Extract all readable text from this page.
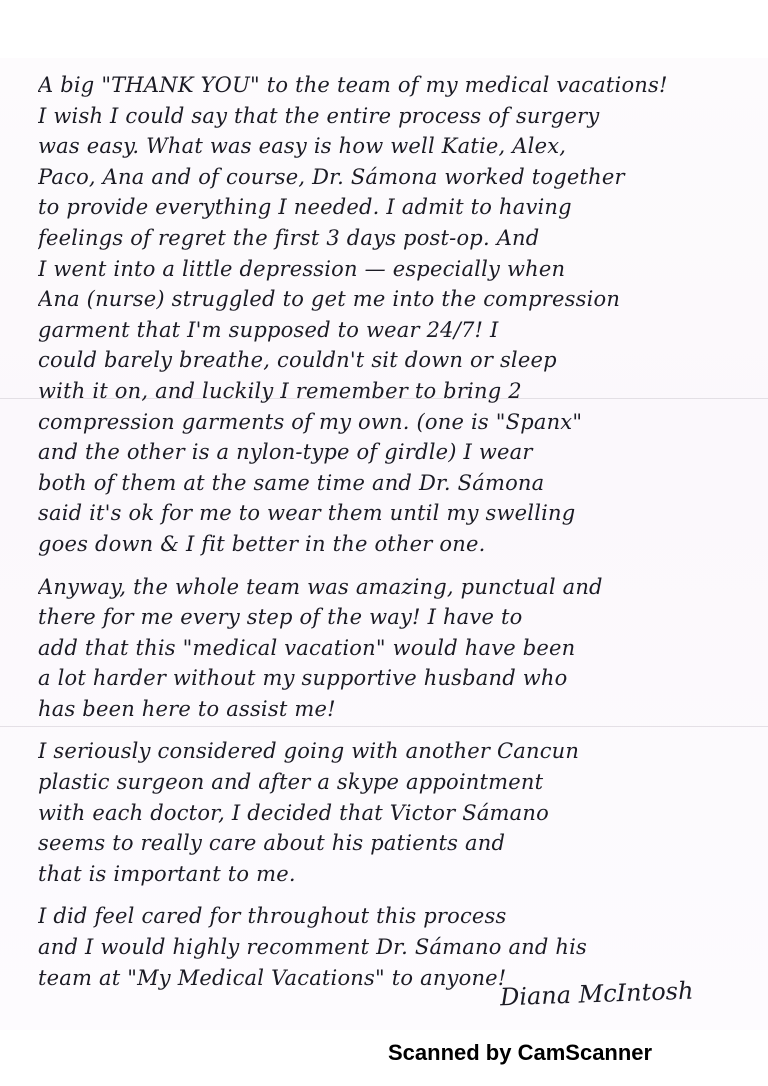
A big "THANK YOU" to the team of my medical vacations!
I wish I could say that the entire process of surgery
was easy. What was easy is how well Katie, Alex,
Paco, Ana and of course, Dr. Sámona worked together
to provide everything I needed. I admit to having
feelings of regret the first 3 days post-op. And
I went into a little depression — especially when
Ana (nurse) struggled to get me into the compression
garment that I'm supposed to wear 24/7! I
could barely breathe, couldn't sit down or sleep
with it on, and luckily I remember to bring 2
compression garments of my own. (one is "Spanx"
and the other is a nylon-type of girdle) I wear
both of them at the same time and Dr. Sámona
said it's ok for me to wear them until my swelling
goes down & I fit better in the other one.
Anyway, the whole team was amazing, punctual and
there for me every step of the way! I have to
add that this "medical vacation" would have been
a lot harder without my supportive husband who
has been here to assist me!
I seriously considered going with another Cancun
plastic surgeon and after a skype appointment
with each doctor, I decided that Victor Sámano
seems to really care about his patients and
that is important to me.
I did feel cared for throughout this process
and I would highly recomment Dr. Sámano and his
team at "My Medical Vacations" to anyone!
Diana McIntosh
Scanned by CamScanner
